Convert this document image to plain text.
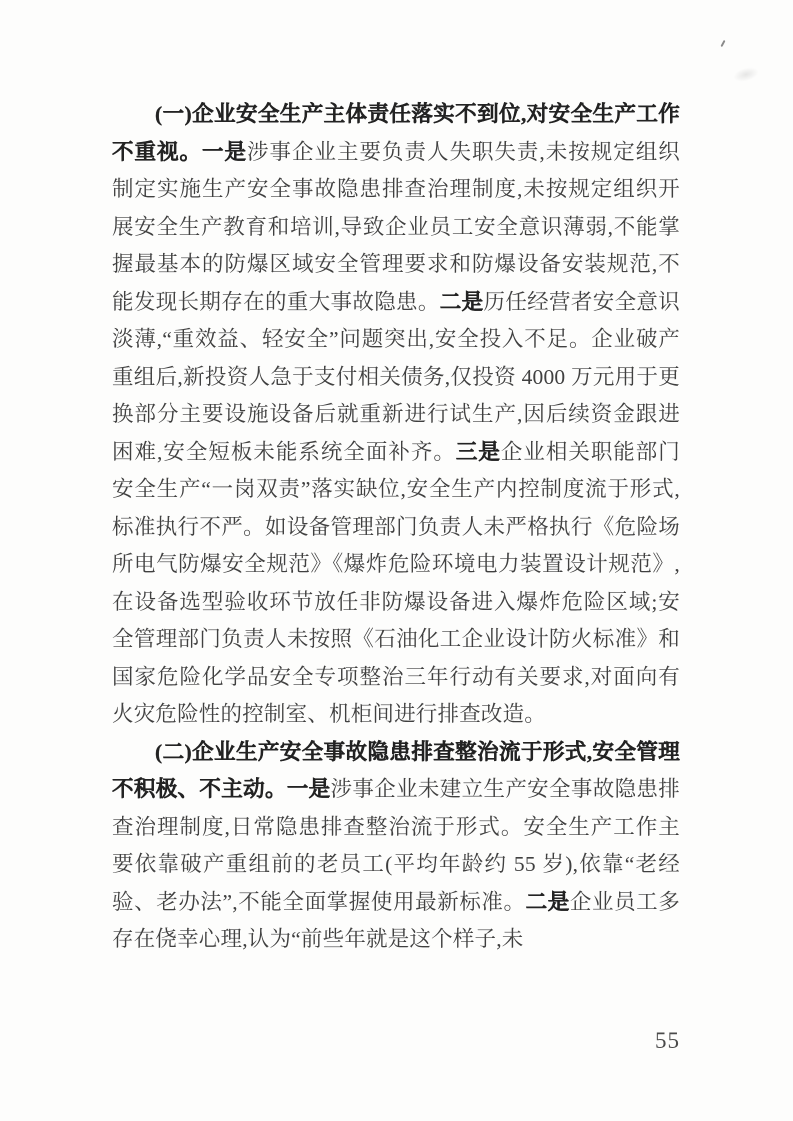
(一)企业安全生产主体责任落实不到位,对安全生产工作不重视。一是涉事企业主要负责人失职失责,未按规定组织制定实施生产安全事故隐患排查治理制度,未按规定组织开展安全生产教育和培训,导致企业员工安全意识薄弱,不能掌握最基本的防爆区域安全管理要求和防爆设备安装规范,不能发现长期存在的重大事故隐患。二是历任经营者安全意识淡薄,“重效益、轻安全”问题突出,安全投入不足。企业破产重组后,新投资人急于支付相关债务,仅投资 4000 万元用于更换部分主要设施设备后就重新进行试生产,因后续资金跟进困难,安全短板未能系统全面补齐。三是企业相关职能部门安全生产“一岗双责”落实缺位,安全生产内控制度流于形式,标准执行不严。如设备管理部门负责人未严格执行《危险场所电气防爆安全规范》《爆炸危险环境电力装置设计规范》,在设备选型验收环节放任非防爆设备进入爆炸危险区域;安全管理部门负责人未按照《石油化工企业设计防火标准》和国家危险化学品安全专项整治三年行动有关要求,对面向有火灾危险性的控制室、机柜间进行排查改造。

(二)企业生产安全事故隐患排查整治流于形式,安全管理不积极、不主动。一是涉事企业未建立生产安全事故隐患排查治理制度,日常隐患排查整治流于形式。安全生产工作主要依靠破产重组前的老员工(平均年龄约 55 岁),依靠“老经验、老办法”,不能全面掌握使用最新标准。二是企业员工多存在侥幸心理,认为“前些年就是这个样子,未

55
